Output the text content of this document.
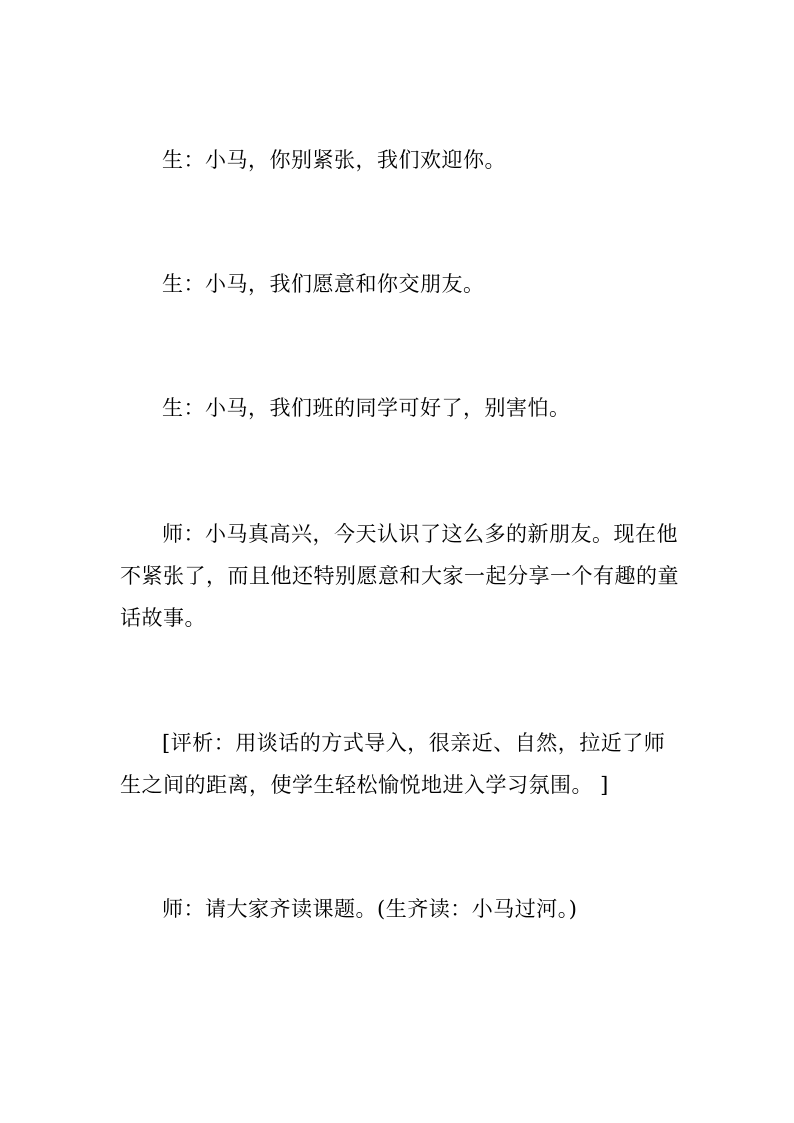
生：小马，你别紧张，我们欢迎你。

生：小马，我们愿意和你交朋友。

生：小马，我们班的同学可好了，别害怕。

师：小马真高兴，今天认识了这么多的新朋友。现在他不紧张了，而且他还特别愿意和大家一起分享一个有趣的童话故事。

[评析：用谈话的方式导入，很亲近、自然，拉近了师生之间的距离，使学生轻松愉悦地进入学习氛围。 ]

师：请大家齐读课题。(生齐读：小马过河。)
